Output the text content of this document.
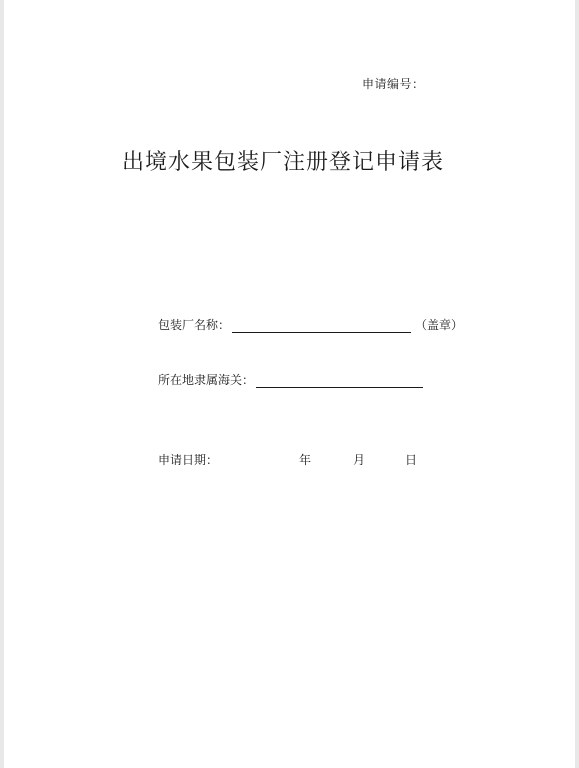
申请编号：
出境水果包装厂注册登记申请表
包装厂名称：	（盖章）
所在地隶属海关：
申请日期：	年	月	日
